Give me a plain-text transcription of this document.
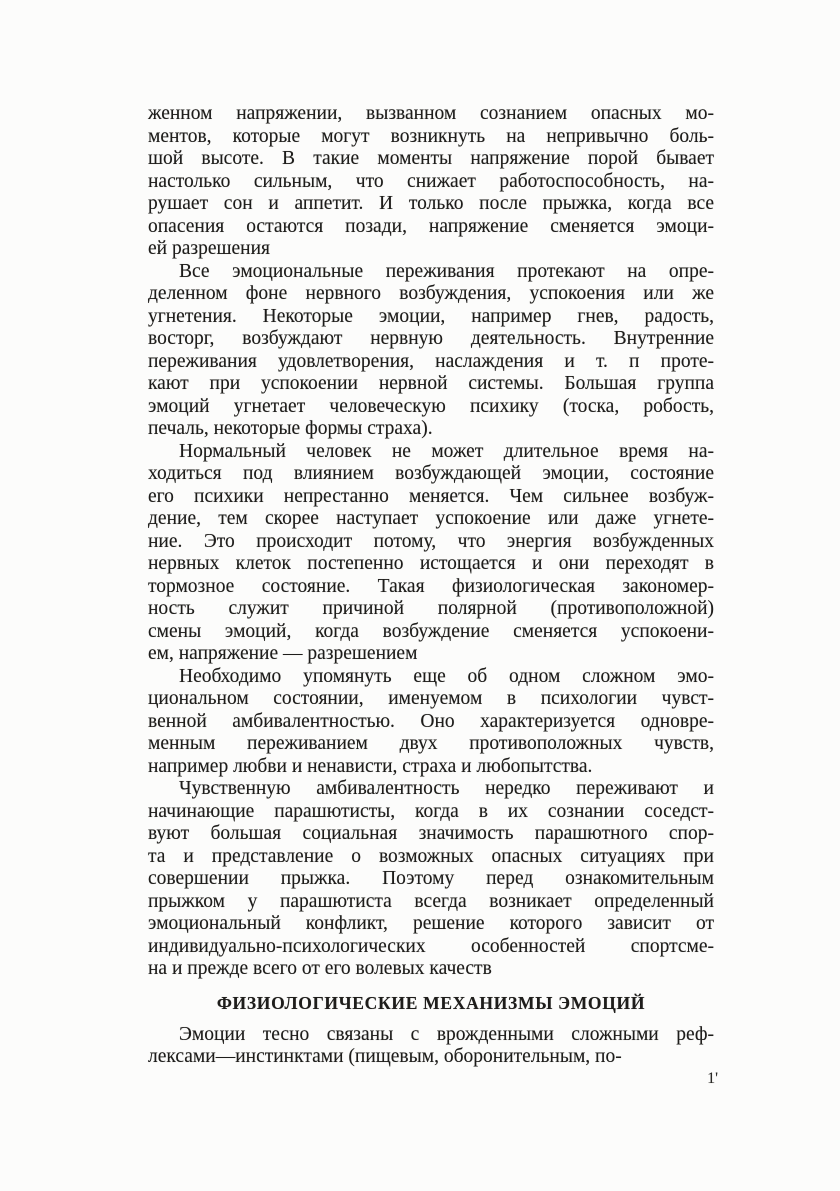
женном напряжении, вызванном сознанием опасных мо-
ментов, которые могут возникнуть на непривычно боль-
шой высоте. В такие моменты напряжение порой бывает
настолько сильным, что снижает работоспособность, на-
рушает сон и аппетит. И только после прыжка, когда все
опасения остаются позади, напряжение сменяется эмоци-
ей разрешения
Все эмоциональные переживания протекают на опре-
деленном фоне нервного возбуждения, успокоения или же
угнетения. Некоторые эмоции, например гнев, радость,
восторг, возбуждают нервную деятельность. Внутренние
переживания удовлетворения, наслаждения и т. п проте-
кают при успокоении нервной системы. Большая группа
эмоций угнетает человеческую психику (тоска, робость,
печаль, некоторые формы страха).
Нормальный человек не может длительное время на-
ходиться под влиянием возбуждающей эмоции, состояние
его психики непрестанно меняется. Чем сильнее возбуж-
дение, тем скорее наступает успокоение или даже угнете-
ние. Это происходит потому, что энергия возбужденных
нервных клеток постепенно истощается и они переходят в
тормозное состояние. Такая физиологическая закономер-
ность служит причиной полярной (противоположной)
смены эмоций, когда возбуждение сменяется успокоени-
ем, напряжение — разрешением
Необходимо упомянуть еще об одном сложном эмо-
циональном состоянии, именуемом в психологии чувст-
венной амбивалентностью. Оно характеризуется одновре-
менным переживанием двух противоположных чувств,
например любви и ненависти, страха и любопытства.
Чувственную амбивалентность нередко переживают и
начинающие парашютисты, когда в их сознании соседст-
вуют большая социальная значимость парашютного спор-
та и представление о возможных опасных ситуациях при
совершении прыжка. Поэтому перед ознакомительным
прыжком у парашютиста всегда возникает определенный
эмоциональный конфликт, решение которого зависит от
индивидуально-психологических особенностей спортсме-
на и прежде всего от его волевых качеств
ФИЗИОЛОГИЧЕСКИЕ МЕХАНИЗМЫ ЭМОЦИЙ
Эмоции тесно связаны с врожденными сложными реф-
лексами—инстинктами (пищевым, оборонительным, по-
1'
